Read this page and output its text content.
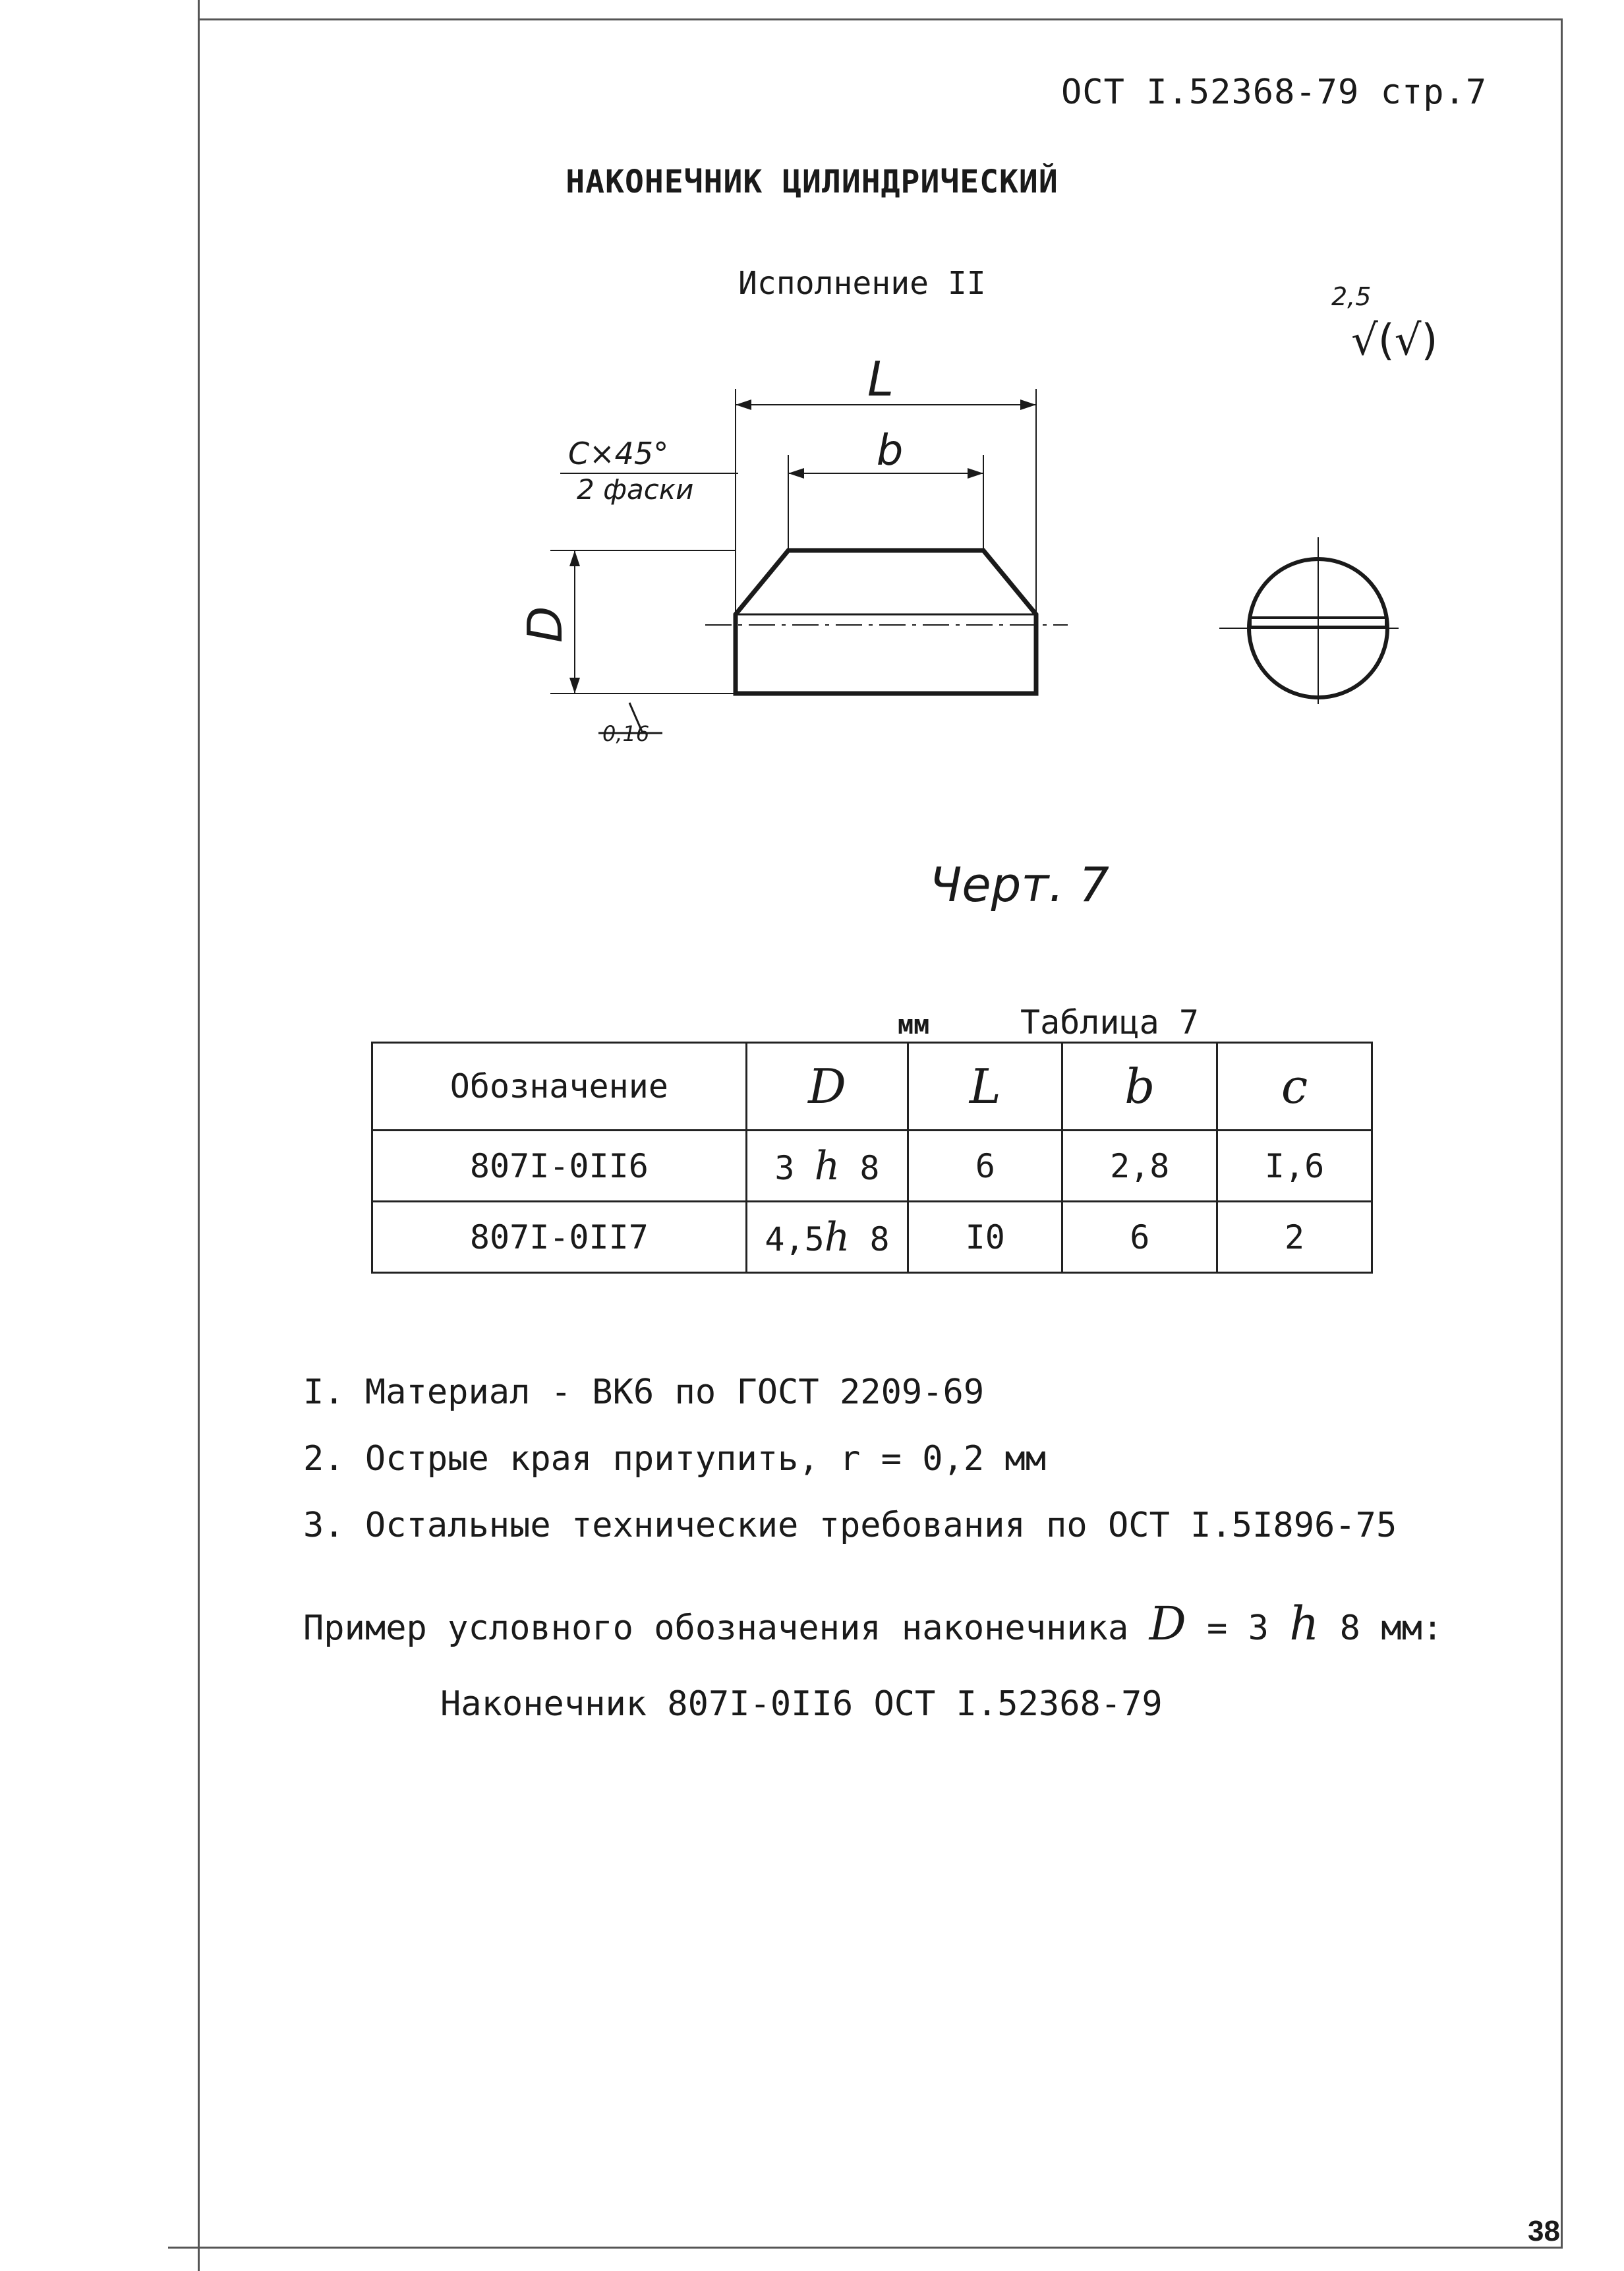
ОСТ I.52368-79 стр.7
НАКОНЕЧНИК ЦИЛИНДРИЧЕСКИЙ
Исполнение II	2,5
√(√)
L
b
C×45°
2 фаски
D
0,16
Черт. 7
мм	Таблица 7
Обозначение	D	L	b	c
807I-0II6	3 h 8	6	2,8	I,6
807I-0II7	4,5h 8	I0	6	2
I. Материал - ВК6 по ГОСТ 2209-69
2. Острые края притупить, r = 0,2 мм
3. Остальные технические требования по ОСТ I.5I896-75
Пример условного обозначения наконечника D = 3 h 8 мм:
Наконечник 807I-0II6 ОСТ I.52368-79
38
